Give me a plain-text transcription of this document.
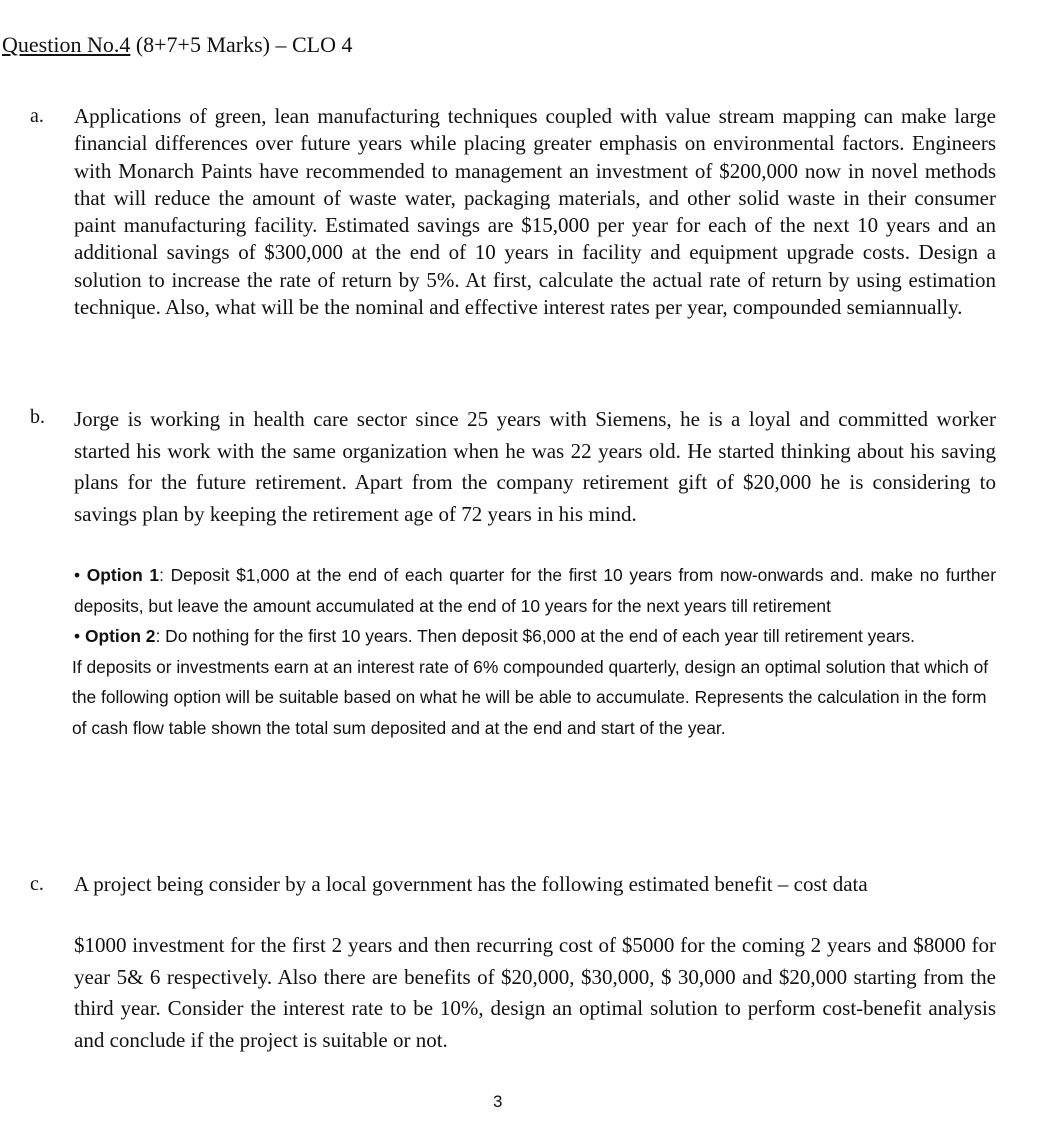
Question No.4 (8+7+5 Marks) – CLO 4
a. Applications of green, lean manufacturing techniques coupled with value stream mapping can make large financial differences over future years while placing greater emphasis on environmental factors. Engineers with Monarch Paints have recommended to management an investment of $200,000 now in novel methods that will reduce the amount of waste water, packaging materials, and other solid waste in their consumer paint manufacturing facility. Estimated savings are $15,000 per year for each of the next 10 years and an additional savings of $300,000 at the end of 10 years in facility and equipment upgrade costs. Design a solution to increase the rate of return by 5%. At first, calculate the actual rate of return by using estimation technique. Also, what will be the nominal and effective interest rates per year, compounded semiannually.

b. Jorge is working in health care sector since 25 years with Siemens, he is a loyal and committed worker started his work with the same organization when he was 22 years old. He started thinking about his saving plans for the future retirement. Apart from the company retirement gift of $20,000 he is considering to savings plan by keeping the retirement age of 72 years in his mind.

• Option 1: Deposit $1,000 at the end of each quarter for the first 10 years from now-onwards and. make no further deposits, but leave the amount accumulated at the end of 10 years for the next years till retirement
• Option 2: Do nothing for the first 10 years. Then deposit $6,000 at the end of each year till retirement years.
If deposits or investments earn at an interest rate of 6% compounded quarterly, design an optimal solution that which of the following option will be suitable based on what he will be able to accumulate. Represents the calculation in the form of cash flow table shown the total sum deposited and at the end and start of the year.
c. A project being consider by a local government has the following estimated benefit – cost data

$1000 investment for the first 2 years and then recurring cost of $5000 for the coming 2 years and $8000 for year 5& 6 respectively. Also there are benefits of $20,000, $30,000, $ 30,000 and $20,000 starting from the third year. Consider the interest rate to be 10%, design an optimal solution to perform cost-benefit analysis and conclude if the project is suitable or not.

3
